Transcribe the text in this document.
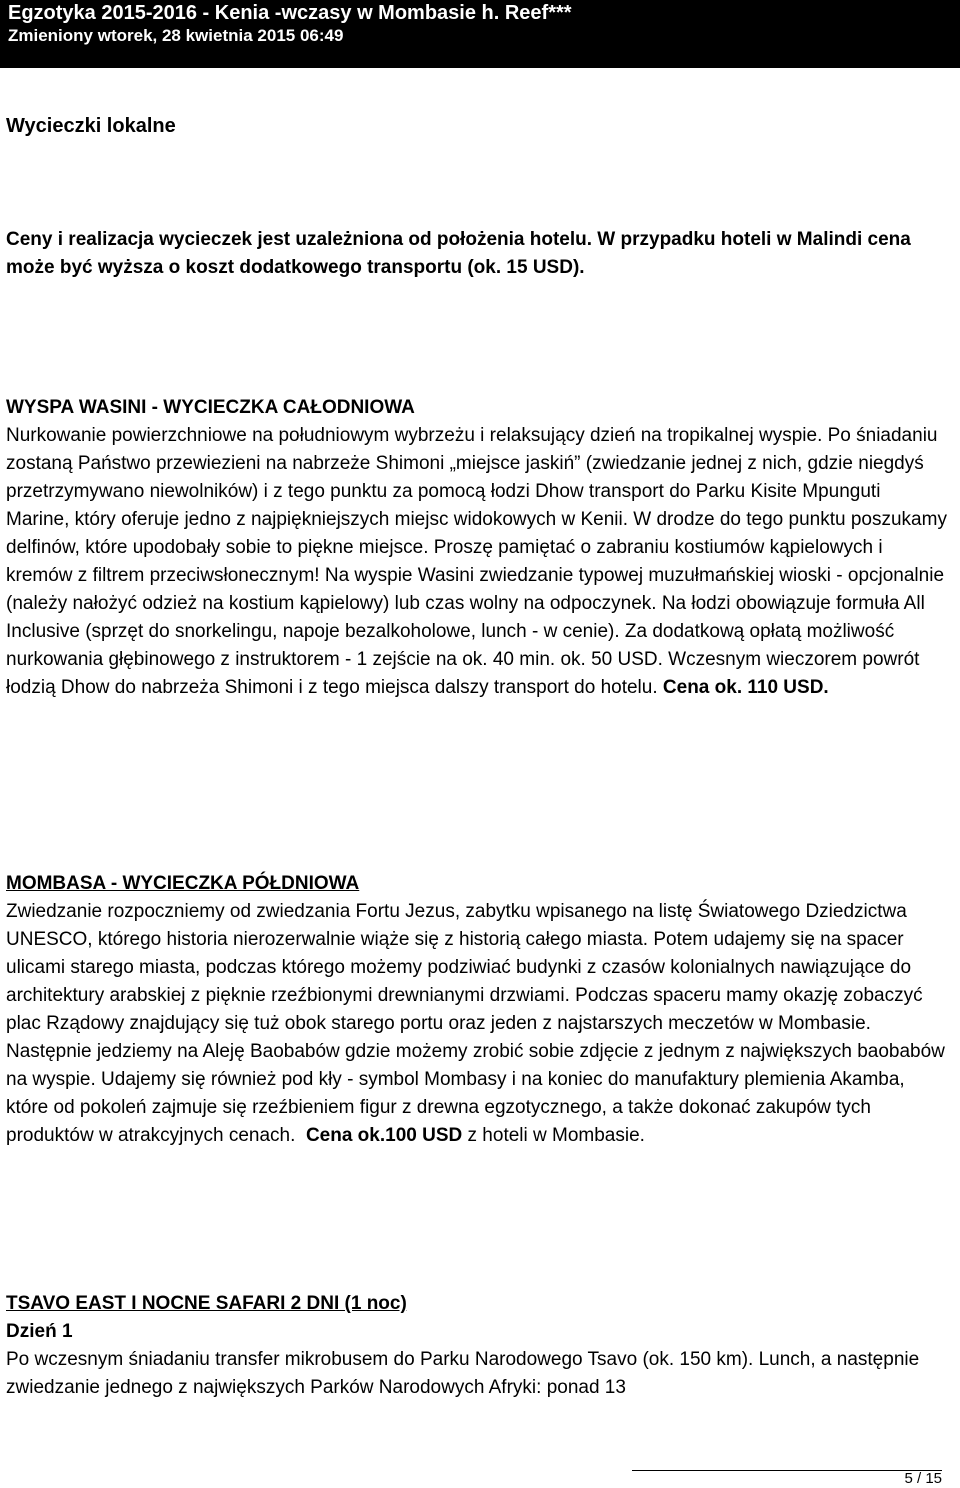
Egzotyka 2015-2016 - Kenia -wczasy w Mombasie h. Reef***
Zmieniony wtorek, 28 kwietnia 2015 06:49
Wycieczki lokalne
Ceny i realizacja wycieczek jest uzależniona od położenia hotelu. W przypadku hoteli w Malindi cena może być wyższa o koszt dodatkowego transportu (ok. 15 USD).
WYSPA WASINI - WYCIECZKA CAŁODNIOWA
Nurkowanie powierzchniowe na południowym wybrzeżu i relaksujący dzień na tropikalnej wyspie. Po śniadaniu zostaną Państwo przewiezieni na nabrzeże Shimoni „miejsce jaskiń” (zwiedzanie jednej z nich, gdzie niegdyś przetrzymywano niewolników) i z tego punktu za pomocą łodzi Dhow transport do Parku Kisite Mpunguti Marine, który oferuje jedno z najpiękniejszych miejsc widokowych w Kenii. W drodze do tego punktu poszukamy delfinów, które upodobały sobie to piękne miejsce. Proszę pamiętać o zabraniu kostiumów kąpielowych i kremów z filtrem przeciwsłonecznym! Na wyspie Wasini zwiedzanie typowej muzułmańskiej wioski - opcjonalnie (należy nałożyć odzież na kostium kąpielowy) lub czas wolny na odpoczynek. Na łodzi obowiązuje formuła All Inclusive (sprzęt do snorkelingu, napoje bezalkoholowe, lunch - w cenie). Za dodatkową opłatą możliwość nurkowania głębinowego z instruktorem - 1 zejście na ok. 40 min. ok. 50 USD. Wczesnym wieczorem powrót łodzią Dhow do nabrzeża Shimoni i z tego miejsca dalszy transport do hotelu. Cena ok. 110 USD.
MOMBASA - WYCIECZKA PÓŁDNIOWA
Zwiedzanie rozpoczniemy od zwiedzania Fortu Jezus, zabytku wpisanego na listę Światowego Dziedzictwa UNESCO, którego historia nierozerwalnie wiąże się z historią całego miasta. Potem udajemy się na spacer ulicami starego miasta, podczas którego możemy podziwiać budynki z czasów kolonialnych nawiązujące do architektury arabskiej z pięknie rzeźbionymi drewnianymi drzwiami. Podczas spaceru mamy okazję zobaczyć plac Rządowy znajdujący się tuż obok starego portu oraz jeden z najstarszych meczetów w Mombasie. Następnie jedziemy na Aleję Baobabów gdzie możemy zrobić sobie zdjęcie z jednym z największych baobabów na wyspie. Udajemy się również pod kły - symbol Mombasy i na koniec do manufaktury plemienia Akamba, które od pokoleń zajmuje się rzeźbieniem figur z drewna egzotycznego, a także dokonać zakupów tych produktów w atrakcyjnych cenach. Cena ok.100 USD z hoteli w Mombasie.
TSAVO EAST I NOCNE SAFARI 2 DNI (1 noc)
Dzień 1
Po wczesnym śniadaniu transfer mikrobusem do Parku Narodowego Tsavo (ok. 150 km). Lunch, a następnie zwiedzanie jednego z największych Parków Narodowych Afryki: ponad 13
5 / 15
